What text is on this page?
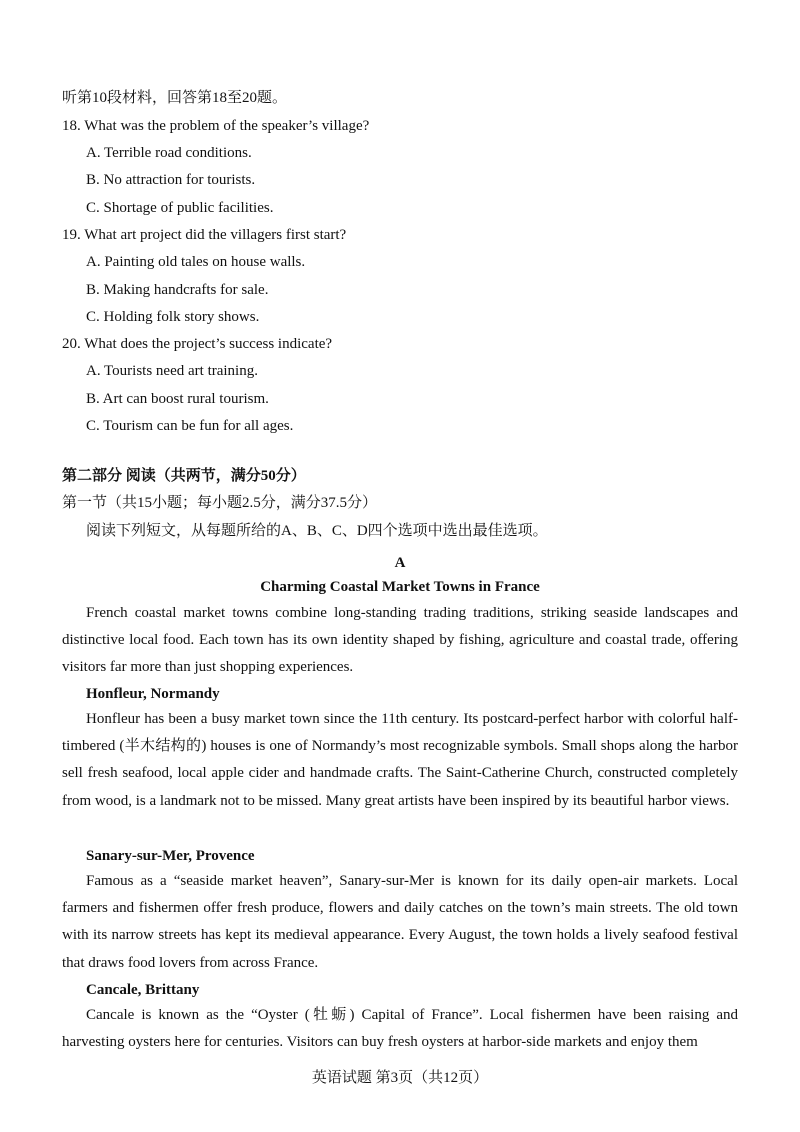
听第10段材料，回答第18至20题。
18. What was the problem of the speaker’s village?
A. Terrible road conditions.
B. No attraction for tourists.
C. Shortage of public facilities.
19. What art project did the villagers first start?
A. Painting old tales on house walls.
B. Making handcrafts for sale.
C. Holding folk story shows.
20. What does the project’s success indicate?
A. Tourists need art training.
B. Art can boost rural tourism.
C. Tourism can be fun for all ages.
第二部分 阅读（共两节，满分50分）
第一节（共15小题；每小题2.5分，满分37.5分）
阅读下列短文，从每题所给的A、B、C、D四个选项中选出最佳选项。
A
Charming Coastal Market Towns in France

French coastal market towns combine long-standing trading traditions, striking seaside landscapes and distinctive local food. Each town has its own identity shaped by fishing, agriculture and coastal trade, offering visitors far more than just shopping experiences.

Honfleur, Normandy

Honfleur has been a busy market town since the 11th century. Its postcard-perfect harbor with colorful half-timbered (半木结构的) houses is one of Normandy’s most recognizable symbols. Small shops along the harbor sell fresh seafood, local apple cider and handmade crafts. The Saint-Catherine Church, constructed completely from wood, is a landmark not to be missed. Many great artists have been inspired by its beautiful harbor views.

Sanary-sur-Mer, Provence

Famous as a “seaside market heaven”, Sanary-sur-Mer is known for its daily open-air markets. Local farmers and fishermen offer fresh produce, flowers and daily catches on the town’s main streets. The old town with its narrow streets has kept its medieval appearance. Every August, the town holds a lively seafood festival that draws food lovers from across France.

Cancale, Brittany

Cancale is known as the “Oyster (牡蛎) Capital of France”. Local fishermen have been raising and harvesting oysters here for centuries. Visitors can buy fresh oysters at harbor-side markets and enjoy them

英语试题 第3页（共12页）
